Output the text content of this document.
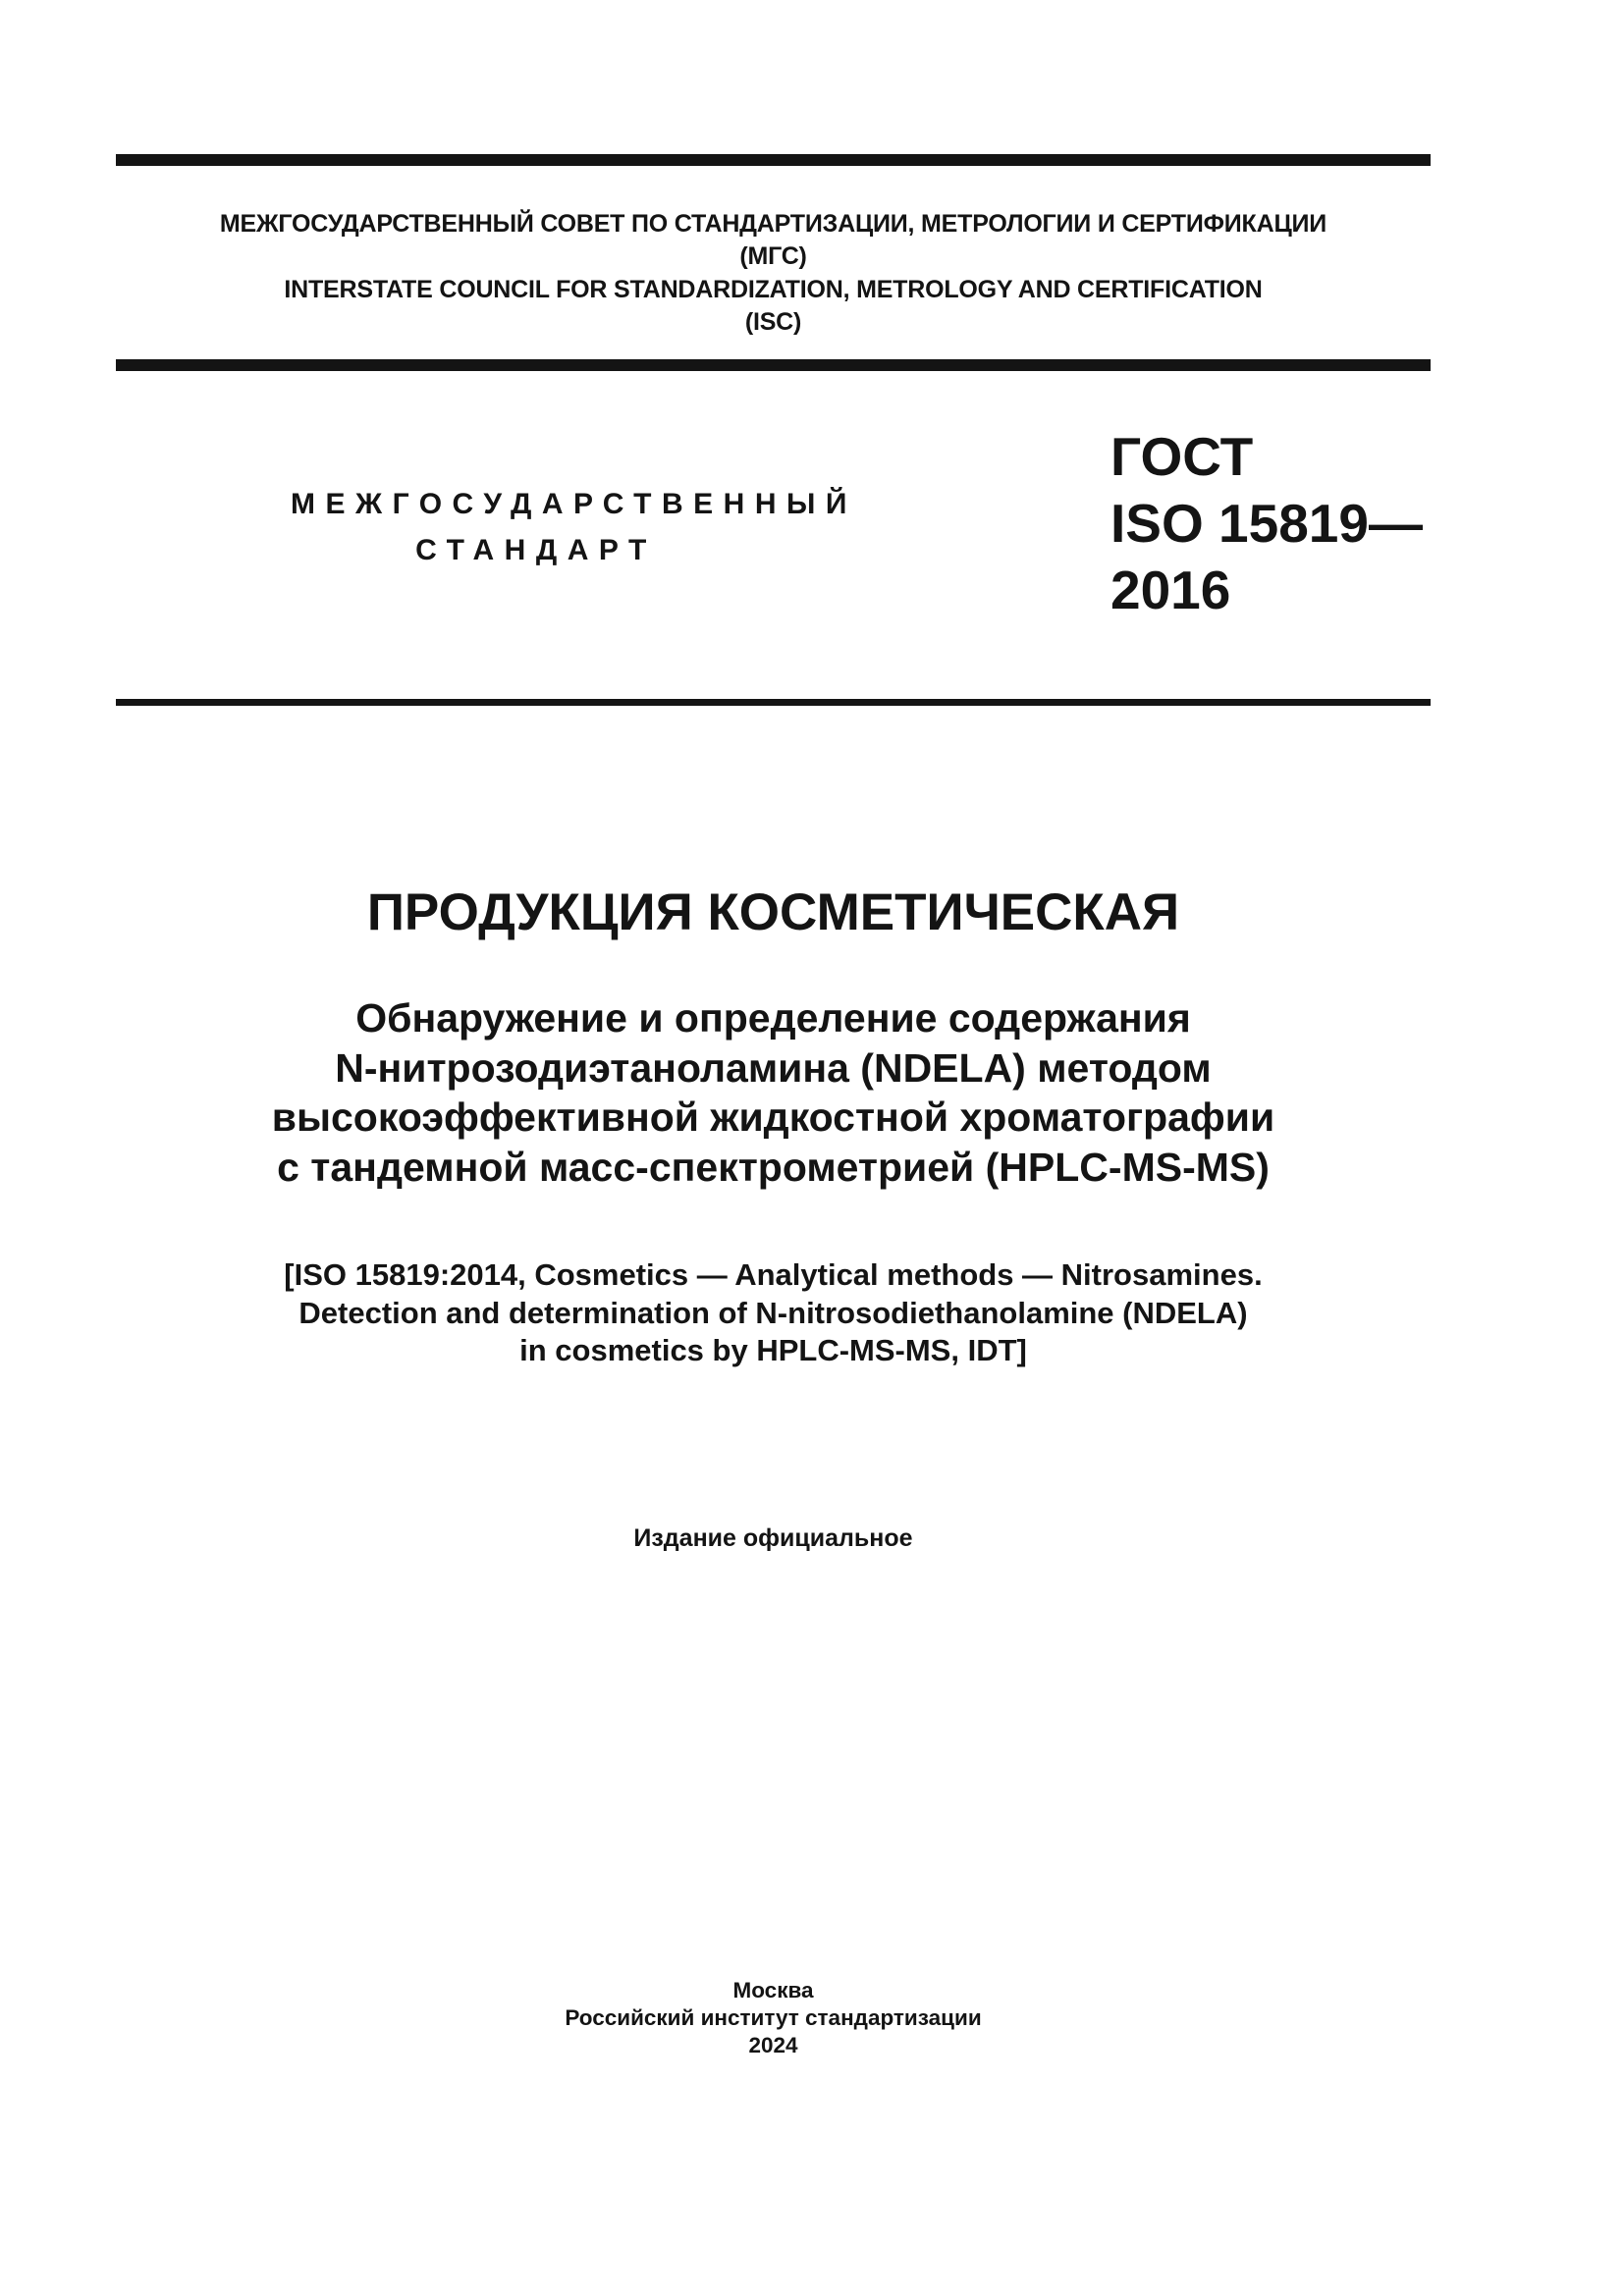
МЕЖГОСУДАРСТВЕННЫЙ СОВЕТ ПО СТАНДАРТИЗАЦИИ, МЕТРОЛОГИИ И СЕРТИФИКАЦИИ
(МГС)
INTERSTATE COUNCIL FOR STANDARDIZATION, METROLOGY AND CERTIFICATION
(ISC)
МЕЖГОСУДАРСТВЕННЫЙ
СТАНДАРТ
ГОСТ
ISO 15819—
2016
ПРОДУКЦИЯ КОСМЕТИЧЕСКАЯ
Обнаружение и определение содержания
N-нитрозодиэтаноламина (NDELA) методом
высокоэффективной жидкостной хроматографии
с тандемной масс-спектрометрией (HPLC-MS-MS)
[ISO 15819:2014, Cosmetics — Analytical methods — Nitrosamines.
Detection and determination of N-nitrosodiethanolamine (NDELA)
in cosmetics by HPLC-MS-MS, IDT]
Издание официальное
Москва
Российский институт стандартизации
2024
